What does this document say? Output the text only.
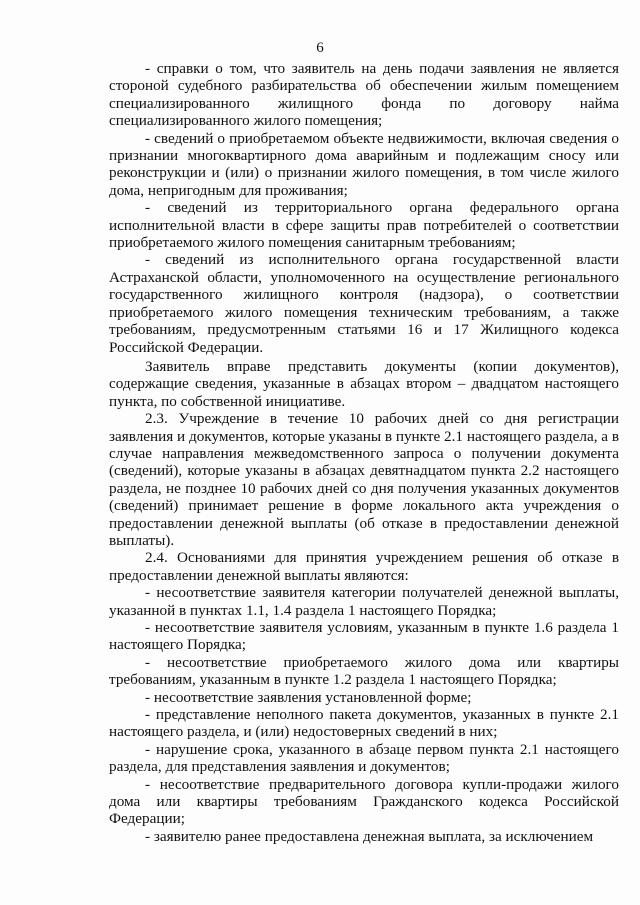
6

- справки о том, что заявитель на день подачи заявления не является стороной судебного разбирательства об обеспечении жилым помещением специализированного жилищного фонда по договору найма специализированного жилого помещения;

- сведений о приобретаемом объекте недвижимости, включая сведения о признании многоквартирного дома аварийным и подлежащим сносу или реконструкции и (или) о признании жилого помещения, в том числе жилого дома, непригодным для проживания;

- сведений из территориального органа федерального органа исполнительной власти в сфере защиты прав потребителей о соответствии приобретаемого жилого помещения санитарным требованиям;

- сведений из исполнительного органа государственной власти Астраханской области, уполномоченного на осуществление регионального государственного жилищного контроля (надзора), о соответствии приобретаемого жилого помещения техническим требованиям, а также требованиям, предусмотренным статьями 16 и 17 Жилищного кодекса Российской Федерации.

Заявитель вправе представить документы (копии документов), содержащие сведения, указанные в абзацах втором – двадцатом настоящего пункта, по собственной инициативе.

2.3. Учреждение в течение 10 рабочих дней со дня регистрации заявления и документов, которые указаны в пункте 2.1 настоящего раздела, а в случае направления межведомственного запроса о получении документа (сведений), которые указаны в абзацах девятнадцатом пункта 2.2 настоящего раздела, не позднее 10 рабочих дней со дня получения указанных документов (сведений) принимает решение в форме локального акта учреждения о предоставлении денежной выплаты (об отказе в предоставлении денежной выплаты).

2.4. Основаниями для принятия учреждением решения об отказе в предоставлении денежной выплаты являются:

- несоответствие заявителя категории получателей денежной выплаты, указанной в пунктах 1.1, 1.4 раздела 1 настоящего Порядка;

- несоответствие заявителя условиям, указанным в пункте 1.6 раздела 1 настоящего Порядка;

- несоответствие приобретаемого жилого дома или квартиры требованиям, указанным в пункте 1.2 раздела 1 настоящего Порядка;

- несоответствие заявления установленной форме;

- представление неполного пакета документов, указанных в пункте 2.1 настоящего раздела, и (или) недостоверных сведений в них;

- нарушение срока, указанного в абзаце первом пункта 2.1 настоящего раздела, для представления заявления и документов;

- несоответствие предварительного договора купли-продажи жилого дома или квартиры требованиям Гражданского кодекса Российской Федерации;

- заявителю ранее предоставлена денежная выплата, за исключением
